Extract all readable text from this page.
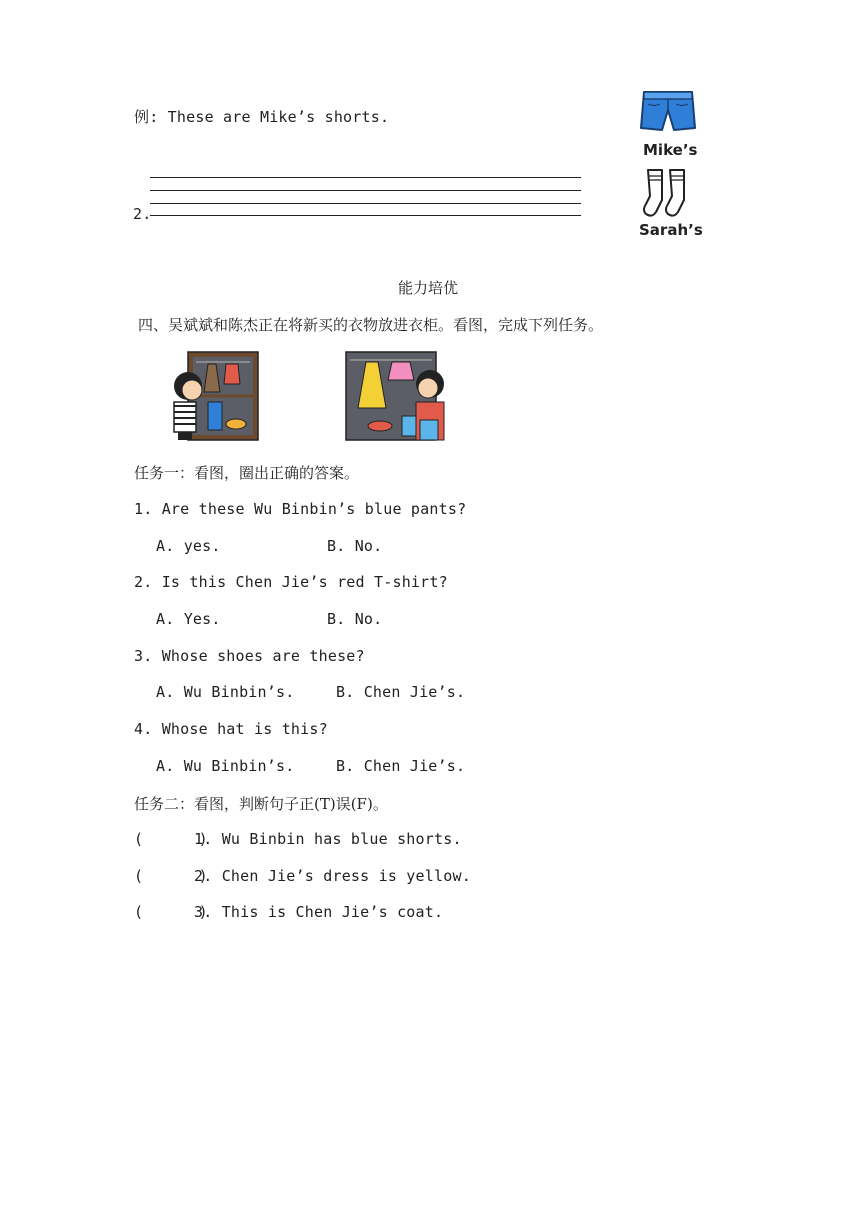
例: These are Mike’s shorts.
2.
Mike’s
Sarah’s
能力培优
四、吴斌斌和陈杰正在将新买的衣物放进衣柜。看图，完成下列任务。
任务一：看图，圈出正确的答案。
1. Are these Wu Binbin’s blue pants?
A. yes.	B. No.
2. Is this Chen Jie’s red T-shirt?
A. Yes.	B. No.
3. Whose shoes are these?
A. Wu Binbin’s.	B. Chen Jie’s.
4. Whose hat is this?
A. Wu Binbin’s.	B. Chen Jie’s.
任务二：看图，判断句子正(T)误(F)。
(      )
1. Wu Binbin has blue shorts.
(      )
2. Chen Jie’s dress is yellow.
(      )
3. This is Chen Jie’s coat.
